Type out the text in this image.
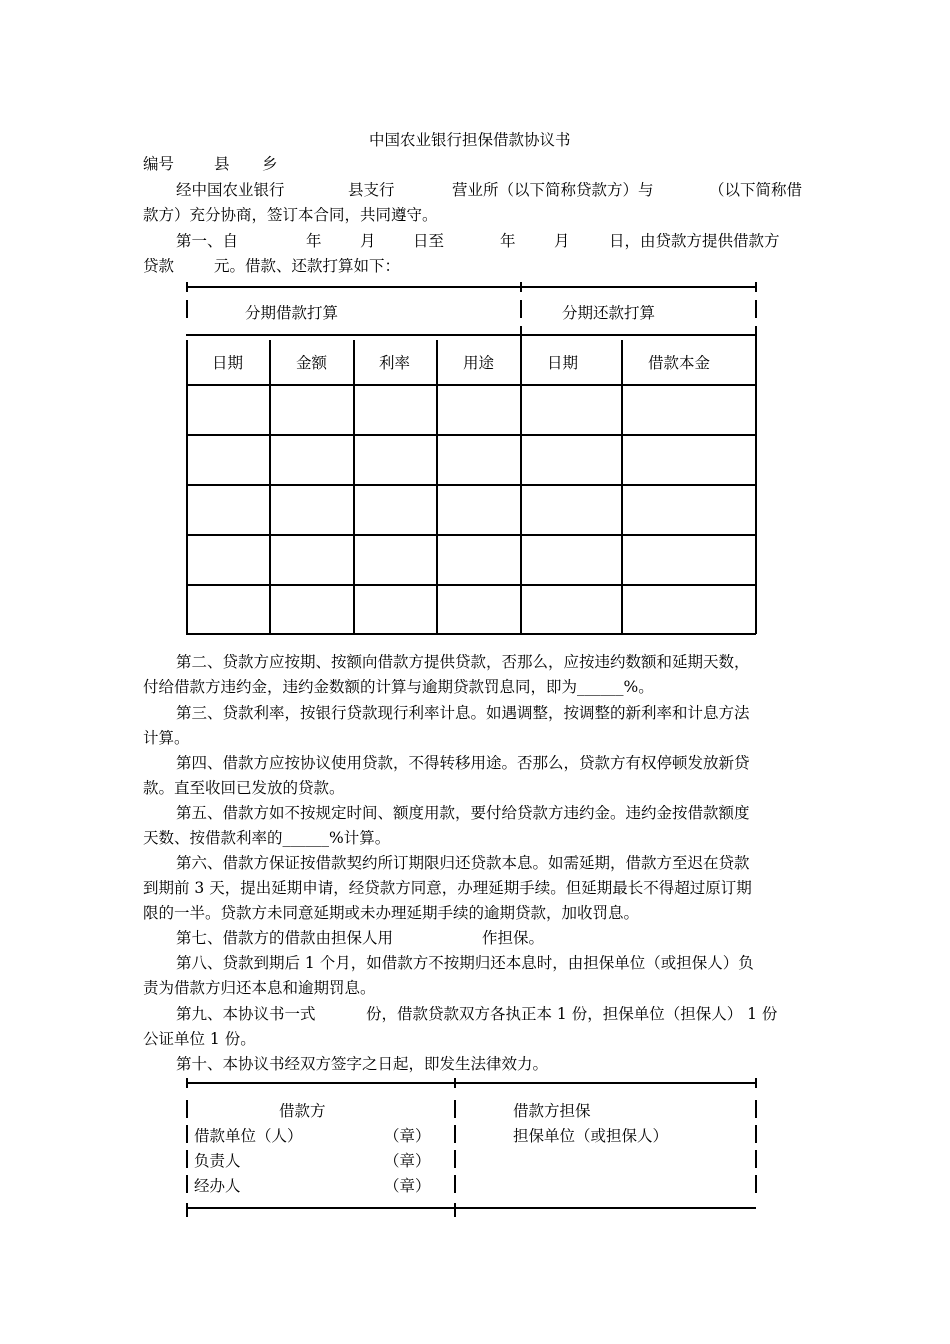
中国农业银行担保借款协议书
编号	县 乡
经中国农业银行	县支行	营业所（以下简称贷款方）与	（以下简称借
款方）充分协商，签订本合同，共同遵守。
第一、自	年 月 日至	年 月	日，由贷款方提供借款方
贷款	元。借款、还款打算如下：
分期借款打算	分期还款打算
日期	金额	利率	用途	日期	借款本金
第二、贷款方应按期、按额向借款方提供贷款，否那么，应按违约数额和延期天数，
付给借款方违约金，违约金数额的计算与逾期贷款罚息同，即为______%。
第三、贷款利率，按银行贷款现行利率计息。如遇调整，按调整的新利率和计息方法
计算。
第四、借款方应按协议使用贷款，不得转移用途。否那么，贷款方有权停顿发放新贷
款。直至收回已发放的贷款。
第五、借款方如不按规定时间、额度用款，要付给贷款方违约金。违约金按借款额度
天数、按借款利率的______%计算。
第六、借款方保证按借款契约所订期限归还贷款本息。如需延期，借款方至迟在贷款
到期前 3 天，提出延期申请，经贷款方同意，办理延期手续。但延期最长不得超过原订期
限的一半。贷款方未同意延期或未办理延期手续的逾期贷款，加收罚息。
第七、借款方的借款由担保人用	作担保。
第八、贷款到期后 1 个月，如借款方不按期归还本息时，由担保单位（或担保人）负
责为借款方归还本息和逾期罚息。
第九、本协议书一式	份，借款贷款双方各执正本 1 份，担保单位（担保人） 1 份
公证单位 1 份。
第十、本协议书经双方签字之日起，即发生法律效力。
借款方	借款方担保
借款单位（人）	（章）	担保单位（或担保人）
负责人	（章）
经办人	（章）
